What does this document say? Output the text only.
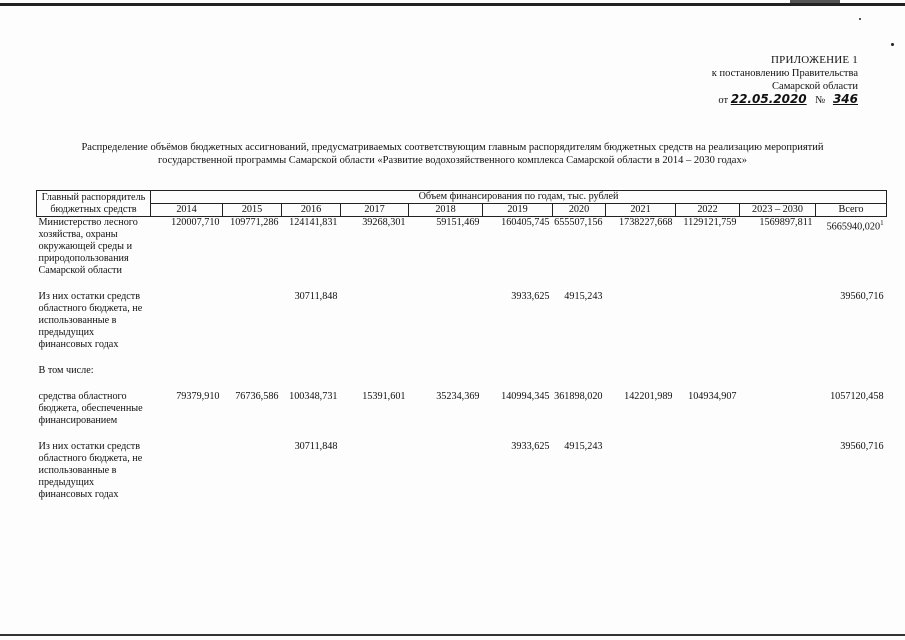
ПРИЛОЖЕНИЕ 1
к постановлению Правительства
Самарской области
от 22.05.2020 № 346
Распределение объёмов бюджетных ассигнований, предусматриваемых соответствующим главным распорядителям бюджетных средств на реализацию мероприятий
государственной программы Самарской области «Развитие водохозяйственного комплекса Самарской области в 2014 – 2030 годах»
Главный распорядитель бюджетных средств	Объем финансирования по годам, тыс. рублей										
	2014	2015	2016	2017	2018	2019	2020	2021	2022	2023 – 2030	Всего
Министерство лесного хозяйства, охраны окружающей среды и природопользования Самарской области	120007,710	109771,286	124141,831	39268,301	59151,469	160405,745	655507,156	1738227,668	1129121,759	1569897,811	5665940,020$^1$

Из них остатки средств областного бюджета, не использованные в предыдущих финансовых годах			30711,848			3933,625	4915,243				39560,716

В том числе:											

средства областного бюджета, обеспеченные финансированием	79379,910	76736,586	100348,731	15391,601	35234,369	140994,345	361898,020	142201,989	104934,907		1057120,458

Из них остатки средств областного бюджета, не использованные в предыдущих финансовых годах			30711,848			3933,625	4915,243				39560,716
